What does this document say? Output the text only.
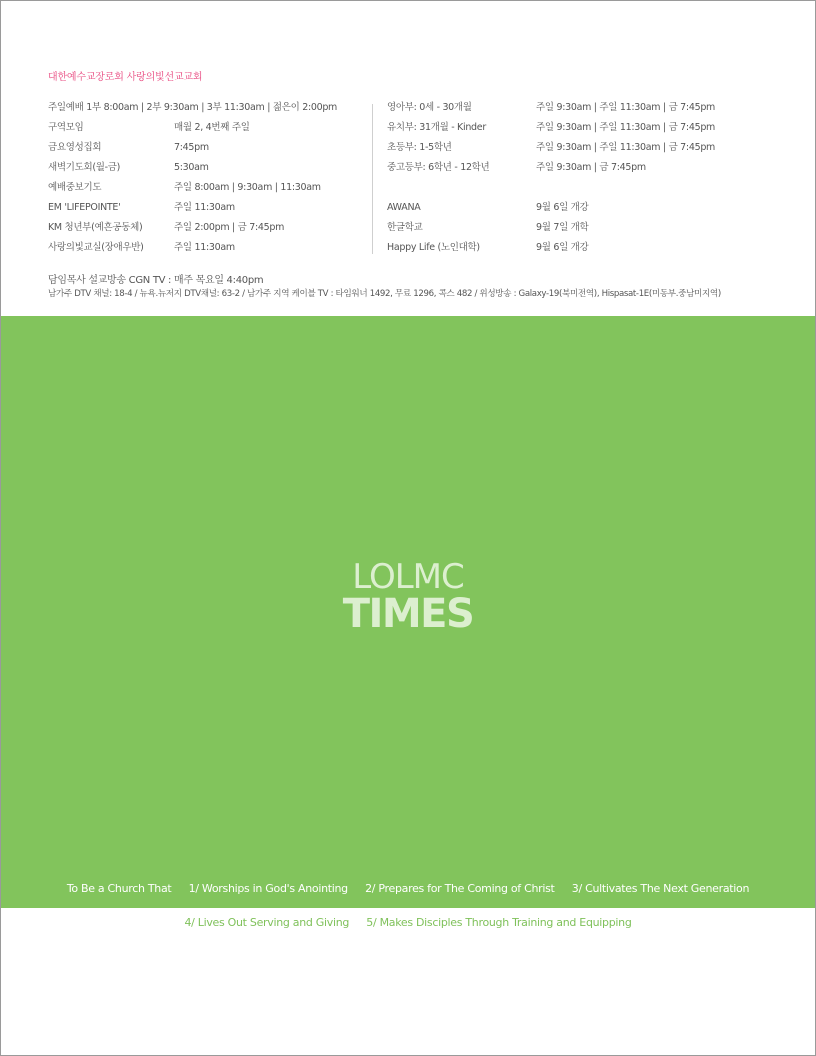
대한예수교장로회 사랑의빛선교교회
주일예배 1부 8:00am | 2부 9:30am | 3부 11:30am | 젊은이 2:00pm
구역모임	매월 2, 4번째 주일
금요영성집회	7:45pm
새벽기도회(월-금)	5:30am
예배중보기도	주일 8:00am | 9:30am | 11:30am
EM 'LIFEPOINTE'	주일 11:30am
KM 청년부(예흔공동체)	주일 2:00pm | 금 7:45pm
사랑의빛교실(장애우반)	주일 11:30am
영아부: 0세 - 30개월	주일 9:30am | 주일 11:30am | 금 7:45pm
유치부: 31개월 - Kinder	주일 9:30am | 주일 11:30am | 금 7:45pm
초등부: 1-5학년	주일 9:30am | 주일 11:30am | 금 7:45pm
중고등부: 6학년 - 12학년	주일 9:30am | 금 7:45pm
AWANA	9월 6일 개강
한글학교	9월 7일 개학
Happy Life (노인대학)	9월 6일 개강
담임목사 설교방송 CGN TV : 매주 목요일 4:40pm
남가주 DTV 채널: 18-4 / 뉴욕.뉴저지 DTV채널: 63-2 / 남가주 지역 케이블 TV : 타임워너 1492, 무료 1296, 콕스 482 / 위성방송 : Galaxy-19(북미전역), Hispasat-1E(미동부.중남미지역)
LOLMC
TIMES
To Be a Church That 1/ Worships in God's Anointing 2/ Prepares for The Coming of Christ 3/ Cultivates The Next Generation
4/ Lives Out Serving and Giving 5/ Makes Disciples Through Training and Equipping
